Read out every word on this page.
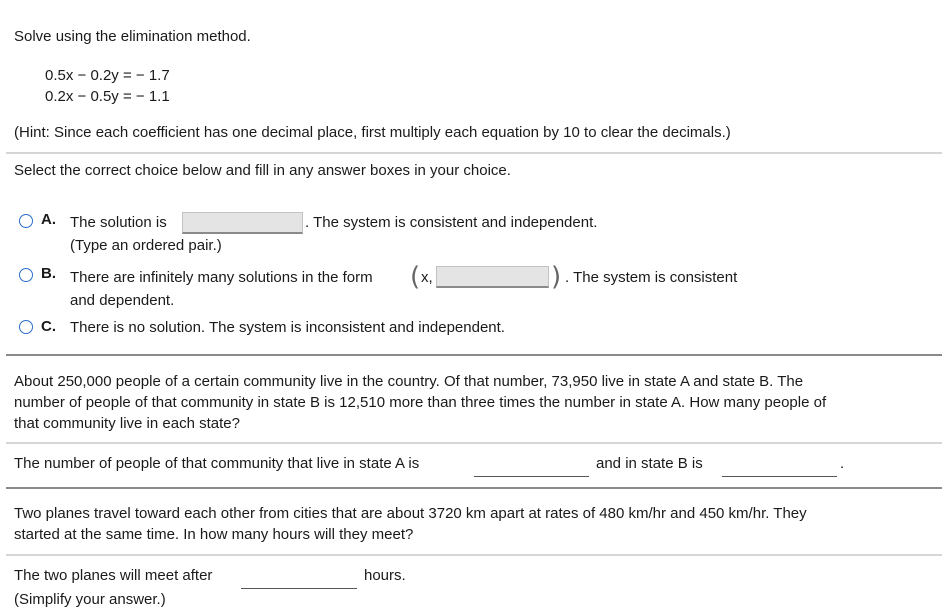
Solve using the elimination method.
0.5x − 0.2y = − 1.7
0.2x − 0.5y = − 1.1
(Hint: Since each coefficient has one decimal place, first multiply each equation by 10 to clear the decimals.)
Select the correct choice below and fill in any answer boxes in your choice.
A. The solution is	. The system is consistent and independent.
(Type an ordered pair.)
B. There are infinitely many solutions in the form ( x,	) . The system is consistent
and dependent.
C. There is no solution. The system is inconsistent and independent.
About 250,000 people of a certain community live in the country. Of that number, 73,950 live in state A and state B. The
number of people of that community in state B is 12,510 more than three times the number in state A. How many people of
that community live in each state?
The number of people of that community that live in state A is	and in state B is	.
Two planes travel toward each other from cities that are about 3720 km apart at rates of 480 km/hr and 450 km/hr. They
started at the same time. In how many hours will they meet?
The two planes will meet after	hours.
(Simplify your answer.)
